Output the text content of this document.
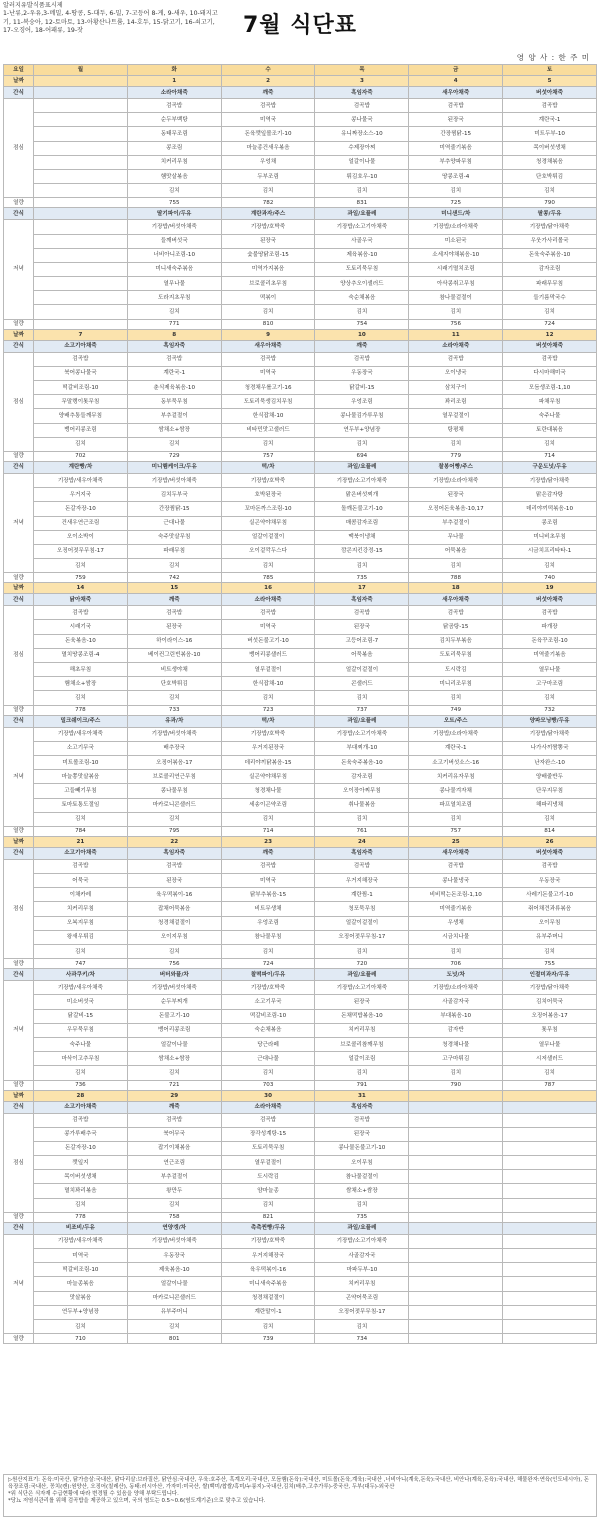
알러지유발식품표시제
1-난류,2-우유,3-메밀, 4-땅콩, 5-대두, 6-밀, 7-고등어 8-게, 9-새우, 10-돼지고기, 11-복숭아, 12-토마토, 13-아황산나트륨, 14-호두, 15-닭고기, 16-쇠고기, 17-오징어, 18-어패류, 19-잣	7월 식단표
영 양 사 : 한 주 미
요일	월	화	수	목	금	토
날짜		1	2	3	4	5
간식		소라아채죽	깨죽	흑임자죽	새우아채죽	버섯아채죽
점심		검곡밥	검곡밥	검곡밥	검곡밥	검곡밥
		순두부백탕	미역국	콩나물국	된장국	계란국-1
		동태무조림	돈육깻잎볼조기-10	유니짜장소스-10	간장찜닭-15	미트두부-10
		콩조림	마늘종건새우볶음	수제장아찌	미역줄기볶음	목이버섯생채
		치커리무침	우엉채	얼갈이나물	부추양파무침	청경채볶음
		햄맛살볶음	두부조림	튀김호우-10	땅콩조림-4	단호박튀김
		김치	김치	김치	김치	김치
열량		755	782	831	725	790
간식		딸기파이/두유	계란과자/주스	과일/요플레	미니샌드/차	팥콩/두유
저녁		기장밥/버섯아채죽	기장밥/호박죽	기장밥/소고기아채죽	기장밥/소라아채죽	기장밥/닭아채죽
		들깨버섯국	된장국	사골우국	미소된국	우웃가사리볼국
		너비아니조림-10	숯불땅닭조림-15	제육볶음-10	소세지야채볶음-10	돈육숙주볶음-10
		미니새숙주볶음	미역가지볶음	도토리묵무침	시래기멸치조림	감자조림
		열무나물	브로콜리초무침	양상추오이샐러드	아삭콩취고무침	파래무무침
		도라지초무침	떡볶이	숙순채볶음	참나물겉절이	들기름막국수
		김치	김치	김치	김치	김치
열량		771	810	754	756	724
날짜	7	8	9	10	11	12
간식	소고기아채죽	흑임자죽	새우아채죽	깨죽	소라아채죽	버섯아채죽
점심	검곡밥	검곡밥	검곡밥	검곡밥	검곡밥	검곡밥
	북어콩나물국	계란국-1	미역국	우동장국	오이냉국	다시마해미국
	떡갈비조림-10	춘식제육볶음-10	청경채우롤고기-16	닭갈비-15	삼치구이	모듬생조림-1,10
	무말랭이톳무침	동부묵무침	도토리묵생김치무침	우엉조림	꽈리조림	파채무침
	양배추통들깨무침	부추겉절이	한식잡채-10	콩나물김가루무침	열무겉절이	숙주나물
	뱅어리콩조림	쌈채소+쌈장	비타민맛고샐러드	연두부+양념장	탕평채	토란대볶음
	김치	김치	김치	김치	김치	김치
열량	702	729	757	694	779	714
간식	계란빵/차	미니햄케이크/두유	떡/차	과일/요플레	찰봉어빵/주스	구운도넛/두유
저녁	기장밥/새우아채죽	기장밥/버섯아채죽	기장밥/호박죽	기장밥/소고기아채죽	기장밥/소라아채죽	기장밥/닭아채죽
	우거지국	김치두부국	호박된장국	맑은버섯찌개	된장국	맑은감자탕
	돈갈자장-10	간장찜닭-15	꼬마돈까스조림-10	돌깨돈불고기-10	오징어돈육볶음-10,17	데리야끼떡볶음-10
	건새우연근조림	근대나물	실곤약야채무침	매콤감자조림	부추겉절이	콩조림
	오이소박이	숙주맛살무침	얼갈이겉절이	맥북이냉채	무나물	미니비초무침
	오징어젓무무침-17	파래무침	오이겉깍두스다	깜콘지킨강정-15	어묵볶음	시금치프리타타-1
	김치	김치	김치	김치	김치	김치
열량	759	742	785	735	788	740
날짜	14	15	16	17	18	19
간식	닭아채죽	깨죽	소라아채죽	흑임자죽	새우아채죽	버섯아채죽
점심	검곡밥	검곡밥	검곡밥	검곡밥	검곡밥	검곡밥
	시래기국	된장국	미역국	된장국	닭곰탕-15	파개장
	돈육볶음-10	하이라이스-16	버섯돈불고기-10	고등어조림-7	김치두부볶음	돈육꾸조림-10
	멸치땅콩조림-4	베이컨그린빈볶음-10	뱅어리콩샐러드	어묵볶음	도토리묵무침	미역줄기볶음
	해초무침	비트생야채	열무겉절이	얼갈이겉절이	도시락김	열무나물
	햄채소+쌈장	단호박튀김	한식잡채-10	콘샐러드	미니리조무침	고구마조림
	김치	김치	김치	김치	김치	김치
열량	778	733	723	737	749	732
간식	밀크쉐이크/주스	유과/차	떡/차	과일/요플레	오트/주스	양파모닝빵/두유
저녁	기장밥/새우아채죽	기장밥/버섯아채죽	기장밥/호박죽	기장밥/소고기아채죽	기장밥/소라아채죽	기장밥/닭아채죽
	소고기무국	배추장국	우거지된장국	부대찌개-10	계란국-1	나가사끼짬뽕국
	미트볼조림-10	오징어볶음-17	데리야끼닭볶음-15	돈육숙주볶음-10	소고기버섯소스-16	난자완스-10
	마늘쫑맛살볶음	브로콜리연근무침	실곤약야채무침	감자조림	치커리유자무침	양배줄반두
	고들빼기무침	콩나물무침	청경채나물	오이장아찌무침	콩나물겨자채	단무지무침
	토마토통도절임	마카로니콘샐러드	세송이곤약조림	취나물볶음	파프열치조림	해파리냉채
	김치	김치	김치	김치	김치	김치
열량	784	795	714	761	757	814
날짜	21	22	23	24	25	26
간식	소고기아채죽	흑임자죽	깨죽	흑임자죽	새우아채죽	버섯아채죽
점심	검곡밥	검곡밥	검곡밥	검곡밥	검곡밥	검곡밥
	어묵국	된장국	미역국	우거지해장국	콩나물냉국	우동장국
	이채카레	육우떡볶이-16	닭부추볶음-15	계란찜-1	비비떡는돈조림-1,10	사레기돈불고기-10
	치커리무침	잡채어묵볶음	비트무생채	청포묵무침	미역줄기볶음	쥐어채견과류볶음
	오복지무침	청경채겉절이	우엉조림	얼갈이겉절이	우생채	오이무침
	왕새우튀김	오이지무침	참나물무침	오징어젓무무침-17	시금치나물	유부주머니
	김치	김치	김치	김치	김치	김치
열량	747	756	724	720	706	755
간식	사과쿠키/차	버터와플/차	찰떡파이/두유	과일/요플레	도넛/차	인절미과자/두유
저녁	기장밥/새우아채죽	기장밥/버섯아채죽	기장밥/호박죽	기장밥/소고기아채죽	기장밥/소라아채죽	기장밥/닭아채죽
	미소버섯국	순두부찌개	소고기무국	된장국	사골감자국	김치어묵국
	닭갈비-15	돈불고기-10	떡갈비조림-10	돈채떡밥볶음-10	부대볶음-10	오징어볶음-17
	우무묵무침	뱅어리콩조림	숙순채볶음	치커리무침	감자반	톳무침
	숙주나물	얼갈이나물	당근라페	브로콜리참깨무침	청경채나물	열무나물
	마삭이고추무침	쌈채소+쌈장	근대나물	얼갈이조림	고구마튀김	시저샐러드
	김치	김치	김치	김치	김치	김치
열량	736	721	703	791	790	787
날짜	28	29	30	31		
간식	소고기아채죽	깨죽	소라아채죽	흑임자죽		
점심	검곡밥	검곡밥	검곡밥	검곡밥		
	콩가루배추국	북어무국	장각성계탕-15	된장국		
	돈갈자장-10	잡기이채볶음	도토리묵무침	콩나물돈불고기-10		
	깻잎지	연근조림	열무겉절이	오이무침		
	목이버섯생채	부추겉절이	도시락김	참나물겉절이		
	멸치꽈리볶음	왕만두	얌마늘종	쌈채소+쌈장		
	김치	김치	김치	김치		
열량	778	758	821	735		
간식	비조비/두유	연양갱/차	촉촉찐빵/두유	과일/요플레		
저녁	기장밥/새우아채죽	기장밥/버섯아채죽	기장밥/호박죽	기장밥/소고기아채죽		
	미역국	우동장국	우거지해장국	사골감자국		
	떡갈비조림-10	제육볶음-10	육우떡볶이-16	마파두부-10		
	마늘종볶음	얼갈이나물	미니새숙주볶음	치커리무침		
	맛살볶음	마카로니콘샐러드	청경채겉절이	곤약어묵조림		
	연두부+양념장	유부주머니	계란말이-1	오징어젓무무침-17		
	김치	김치	김치	김치		
열량	710	801	739	734		
▷원산지표기: 돈육:미국산, 닭가슴살:국내산, 닭다리살:브라질산, 닭안심:국내산, 우육:호주산, 흑계오리:국내산, 모듬햄(돈육):국내산, 미트볼(돈육,계육):국내산 ,너비아니(계육,돈육):국내산, 비안나(계육,돈육):국내산, 해물완자:연육(인도네시아), 돈육장조림:국내산, 꽁치(캔):원양산, 오징어(칠레산), 동태:러시아산, 가자미:미국산, 쌀(백미/찹쌀/흑미/누룽지)-국내산,김치(배추,고추가루)-중국산, 두부(대두)-외국산
*위 식단은 식자재 수급현황에 따라 변경될 수 있음을 양해 부탁드립니다.
*당뇨 저염식관리를 위해 검곡밥을 제공하고 있으며, 국의 염도는 0.5~0.6(염도계기준)으로 맞추고 있습니다.
